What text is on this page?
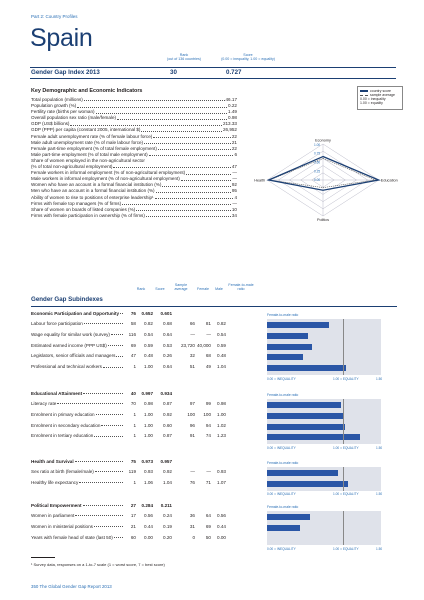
Part 2: Country Profiles
Spain
Rank
(out of 136 countries)
Score
(0.00 = inequality, 1.00 = equality)
Gender Gap Index 2013	30	0.727
Key Demographic and Economic Indicators
Total population (millions)	46.17
Population growth (%)	0.22
Fertility rate (births per woman)	1.49
Overall population sex ratio (male/female)	0.98
GDP (US$ billions)	213.33
GDP (PPP) per capita (constant 2005, international $)	26,952
Female adult unemployment rate (% of female labour force)	22
Male adult unemployment rate (% of male labour force)	21
Female part-time employment (% of total female employment)	22
Male part-time employment (% of total male employment)	6
Share of women employed in the non-agricultural sector
(% of total non-agricultural employment)	47
Female workers in informal employment (% of non-agricultural employment)	—
Male workers in informal employment (% of non-agricultural employment)	—
Women who have an account in a formal financial institution (%)	92
Men who have an account in a formal financial institution (%)	95
Ability of women to rise to positions of enterprise leadership¹	4
Firms with female top managers (% of firms)	—
Share of women on boards of listed companies (%)	10
Firms with female participation in ownership (% of firms)	34
country score
sample average
0.00 = inequality
1.00 = equality
1.00
0.75
0.50
0.25
0.00
Economy
Education
Politics
Health
Gender Gap Subindexes
Rank	Score
Sample average	Female	Male
Female-to-male ratio
Economic Participation and Opportunity	76	0.652	0.601
Labour force participation	58	0.82	0.68	66	81	0.82
Wage equality for similar work (survey)	116	0.54	0.64	—	—	0.54
Estimated earned income (PPP US$)	69	0.59	0.53	23,720 40,000	0.59
Legislators, senior officials and managers	47	0.48	0.26	32	68	0.48
Professional and technical workers	1	1.00	0.64	51	49	1.04
Educational Attainment	40	0.997	0.934
Literacy rate	70	0.98	0.87	97	99	0.98
Enrolment in primary education	1	1.00	0.92	100	100	1.00
Enrolment in secondary education	1	1.00	0.60	96	94	1.02
Enrolment in tertiary education	1	1.00	0.87	91	74	1.23
Health and Survival	75	0.973	0.957
Sex ratio at birth (female/male)	119	0.93	0.92	—	—	0.93
Healthy life expectancy	1	1.06	1.04	76	71	1.07
Political Empowerment	27	0.284	0.211
Women in parliament	17	0.56	0.24	36	64	0.56
Women in ministerial positions	21	0.44	0.19	31	69	0.44
Years with female head of state (last 50)	60	0.00	0.20	0	50	0.00
¹ Survey data, responses on a 1-to-7 scale (1 = worst score, 7 = best score)
350 The Global Gender Gap Report 2013
0.00 = INEQUALITY	1.00 = EQUALITY	1.50
Female-to-male ratio
0.00 = INEQUALITY	1.00 = EQUALITY	1.50
Female-to-male ratio
0.00 = INEQUALITY	1.00 = EQUALITY	1.50
Female-to-male ratio
0.00 = INEQUALITY	1.00 = EQUALITY	1.50
Female-to-male ratio
